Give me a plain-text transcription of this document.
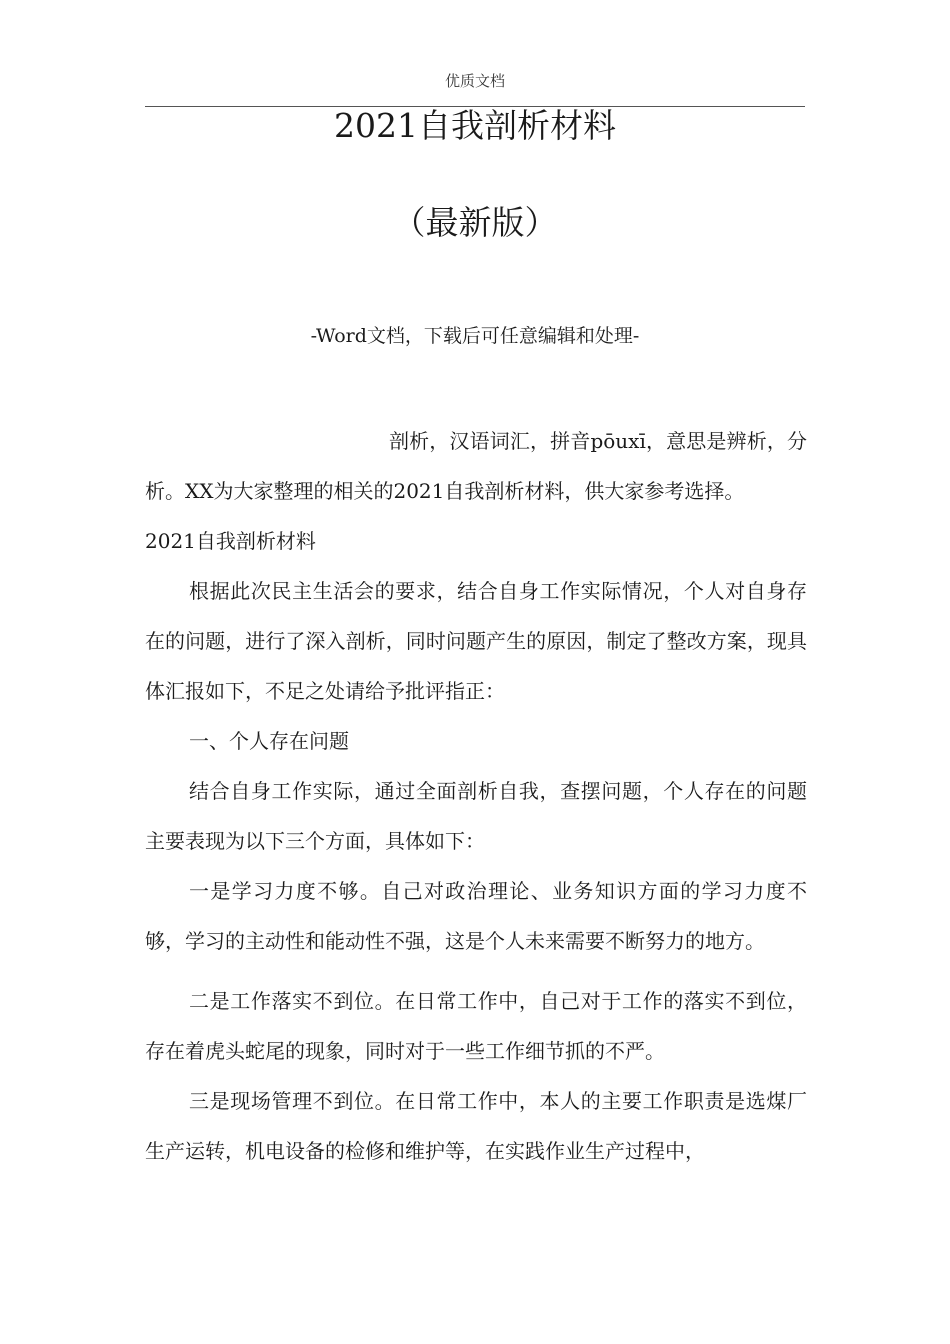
优质文档
2021自我剖析材料
（最新版）
-Word文档，下载后可任意编辑和处理-

剖析，汉语词汇，拼音pōuxī，意思是辨析，分析。XX为大家整理的相关的2021自我剖析材料，供大家参考选择。

2021自我剖析材料

根据此次民主生活会的要求，结合自身工作实际情况，个人对自身存在的问题，进行了深入剖析，同时问题产生的原因，制定了整改方案，现具体汇报如下，不足之处请给予批评指正：

一、个人存在问题

结合自身工作实际，通过全面剖析自我，查摆问题，个人存在的问题主要表现为以下三个方面，具体如下：

一是学习力度不够。自己对政治理论、业务知识方面的学习力度不够，学习的主动性和能动性不强，这是个人未来需要不断努力的地方。

二是工作落实不到位。在日常工作中，自己对于工作的落实不到位，存在着虎头蛇尾的现象，同时对于一些工作细节抓的不严。

三是现场管理不到位。在日常工作中，本人的主要工作职责是选煤厂生产运转，机电设备的检修和维护等，在实践作业生产过程中，
